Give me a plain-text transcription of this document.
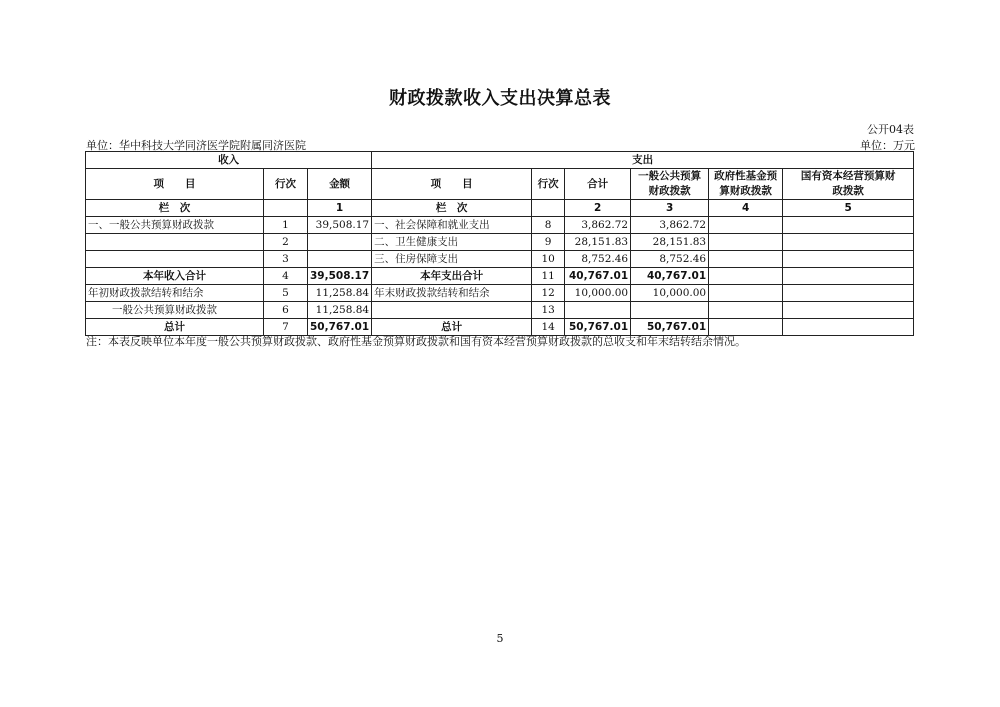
财政拨款收入支出决算总表
公开04表
单位：华中科技大学同济医学院附属同济医院	单位：万元
收入			支出					
项　　目	行次	金额	项　　目	行次	合计	一般公共预算财政拨款	政府性基金预算财政拨款	国有资本经营预算财政拨款
栏　次		1	栏　次		2	3	4	5
一、一般公共预算财政拨款	1	39,508.17	一、社会保障和就业支出	8	3,862.72	3,862.72		
	2		二、卫生健康支出	9	28,151.83	28,151.83		
	3		三、住房保障支出	10	8,752.46	8,752.46		
本年收入合计	4	39,508.17	本年支出合计	11	40,767.01	40,767.01		
年初财政拨款结转和结余	5	11,258.84	年末财政拨款结转和结余	12	10,000.00	10,000.00		
一般公共预算财政拨款	6	11,258.84		13				
总计	7	50,767.01	总计	14	50,767.01	50,767.01		
注：本表反映单位本年度一般公共预算财政拨款、政府性基金预算财政拨款和国有资本经营预算财政拨款的总收支和年末结转结余情况。
5
